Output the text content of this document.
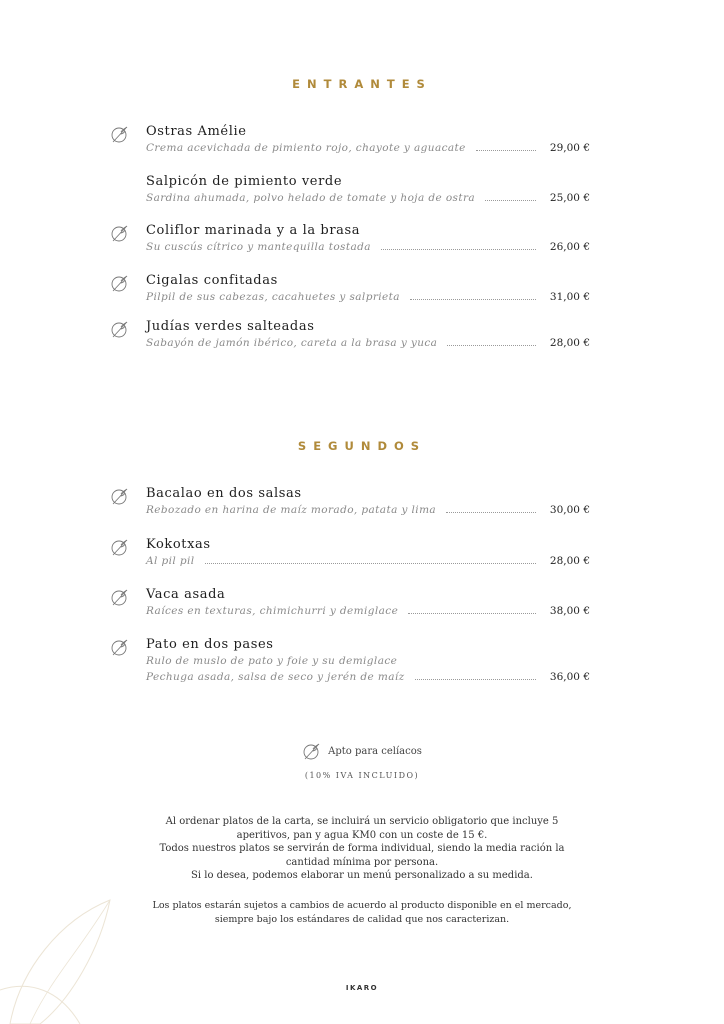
ENTRANTES
SEGUNDOS
Ostras Amélie
Crema acevichada de pimiento rojo, chayote y aguacate	29,00 €
Salpicón de pimiento verde
Sardina ahumada, polvo helado de tomate y hoja de ostra	25,00 €
Coliflor marinada y a la brasa
Su cuscús cítrico y mantequilla tostada	26,00 €
Cigalas confitadas
Pilpil de sus cabezas, cacahuetes y salprieta	31,00 €
Judías verdes salteadas
Sabayón de jamón ibérico, careta a la brasa y yuca	28,00 €
Bacalao en dos salsas
Rebozado en harina de maíz morado, patata y lima	30,00 €
Kokotxas
Al pil pil	28,00 €
Vaca asada
Raíces en texturas, chimichurri y demiglace	38,00 €
Pato en dos pases
Rulo de muslo de pato y foie y su demiglace
Pechuga asada, salsa de seco y jerén de maíz	36,00 €
Apto para celíacos
(10% IVA INCLUIDO)
Al ordenar platos de la carta, se incluirá un servicio obligatorio que incluye 5
aperitivos, pan y agua KM0 con un coste de 15 €.
Todos nuestros platos se servirán de forma individual, siendo la media ración la
cantidad mínima por persona.
Si lo desea, podemos elaborar un menú personalizado a su medida.
Los platos estarán sujetos a cambios de acuerdo al producto disponible en el mercado,
siempre bajo los estándares de calidad que nos caracterizan.
IKARO
